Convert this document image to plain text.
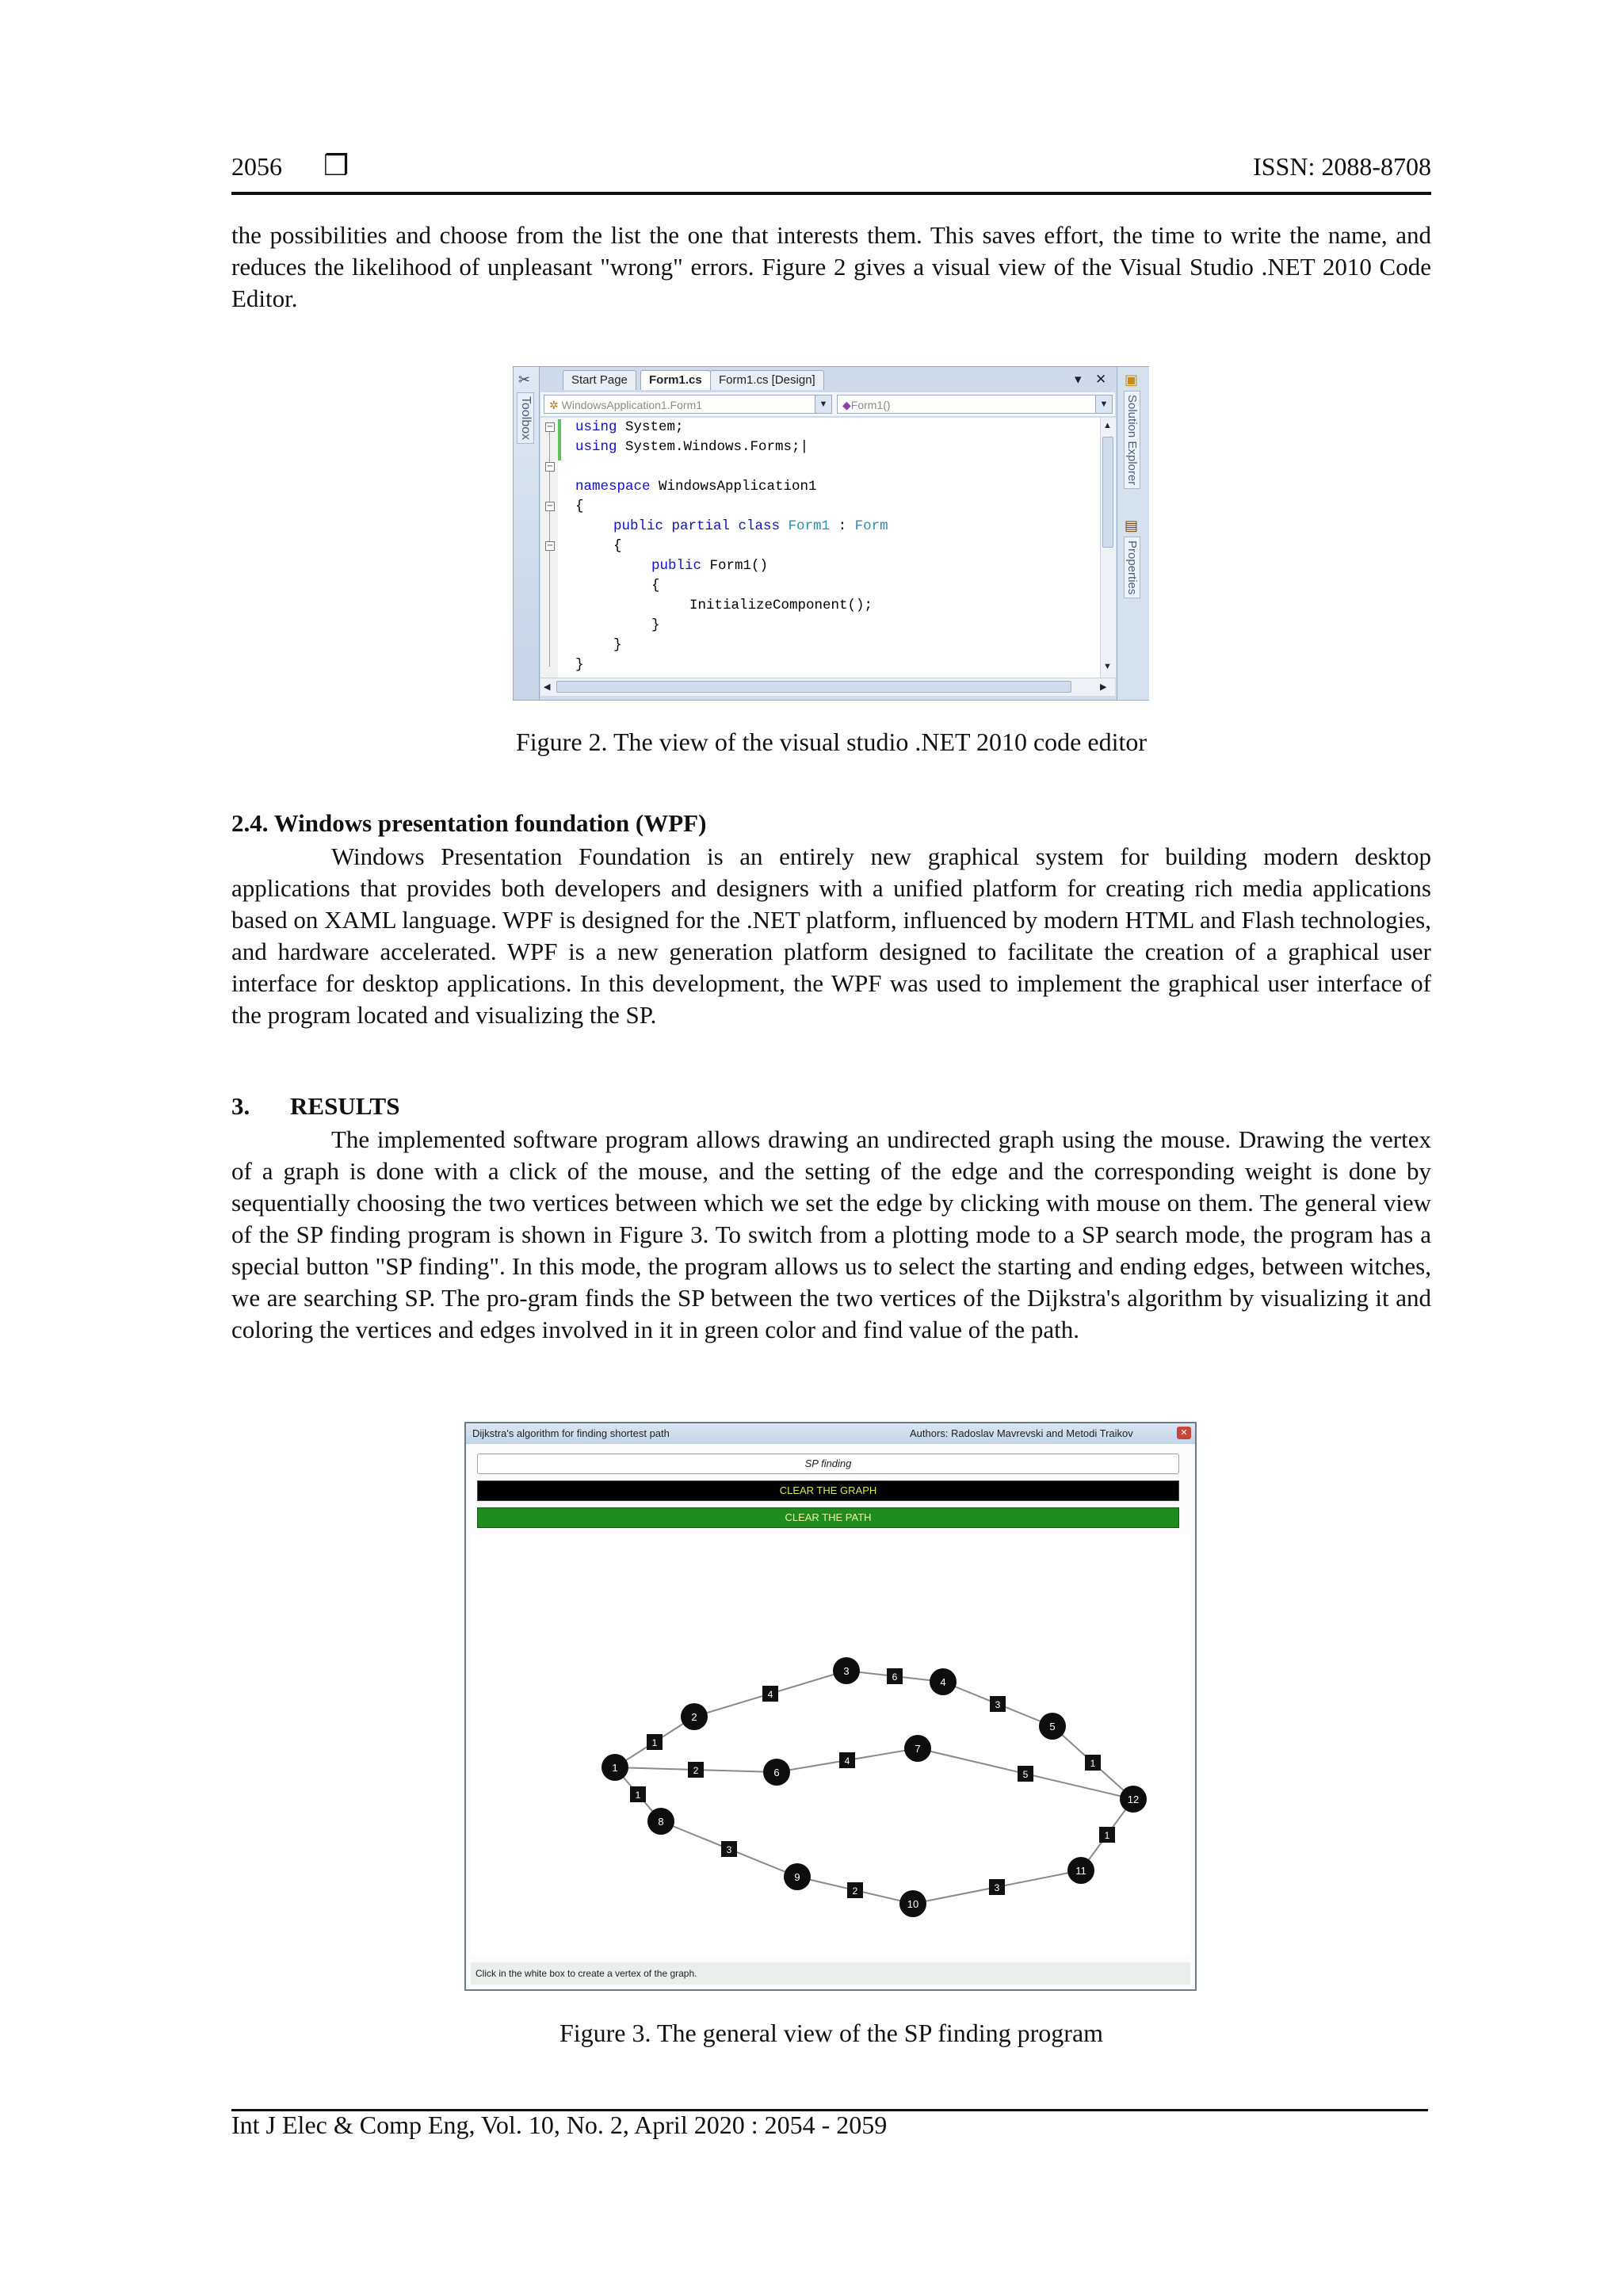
2056 ❒	ISSN: 2088-8708
the possibilities and choose from the list the one that interests them. This saves effort, the time to write the name, and reduces the likelihood of unpleasant "wrong" errors. Figure 2 gives a visual view of the Visual Studio .NET 2010 Code Editor.
✂
Toolbox
Start Page	Form1.cs	Form1.cs [Design]	▾ ✕
✲ WindowsApplication1.Form1	▼	◆Form1()	▼
−
−
−
−
using System;
using System.Windows.Forms;|
namespace WindowsApplication1
{
public partial class Form1 : Form
{
public Form1()
{
InitializeComponent();
}
}
}
▲
▼
◀	▶
▣
Solution Explorer
▤
Properties
Figure 2. The view of the visual studio .NET 2010 code editor
2.4. Windows presentation foundation (WPF)
Windows Presentation Foundation is an entirely new graphical system for building modern desktop applications that provides both developers and designers with a unified platform for creating rich media applications based on XAML language. WPF is designed for the .NET platform, influenced by modern HTML and Flash technologies, and hardware accelerated. WPF is a new generation platform designed to facilitate the creation of a graphical user interface for desktop applications. In this development, the WPF was used to implement the graphical user interface of the program located and visualizing the SP.
3. RESULTS
The implemented software program allows drawing an undirected graph using the mouse. Drawing the vertex of a graph is done with a click of the mouse, and the setting of the edge and the corresponding weight is done by sequentially choosing the two vertices between which we set the edge by clicking with mouse on them. The general view of the SP finding program is shown in Figure 3. To switch from a plotting mode to a SP search mode, the program has a special button "SP finding". In this mode, the program allows us to select the starting and ending edges, between witches, we are searching SP. The pro-gram finds the SP between the two vertices of the Dijkstra's algorithm by visualizing it and coloring the vertices and edges involved in it in green color and find value of the path.
Dijkstra's algorithm for finding shortest path	Authors: Radoslav Mavrevski and Metodi Traikov	✕
SP finding
CLEAR THE GRAPH
CLEAR THE PATH
1
4
6
3
1
2
4
5
1
3
2	3
1
1
2
3
4
5
6
7
8
9
10
11
12
Click in the white box to create a vertex of the graph.
Figure 3. The general view of the SP finding program
Int J Elec & Comp Eng, Vol. 10, No. 2, April 2020 : 2054 - 2059
